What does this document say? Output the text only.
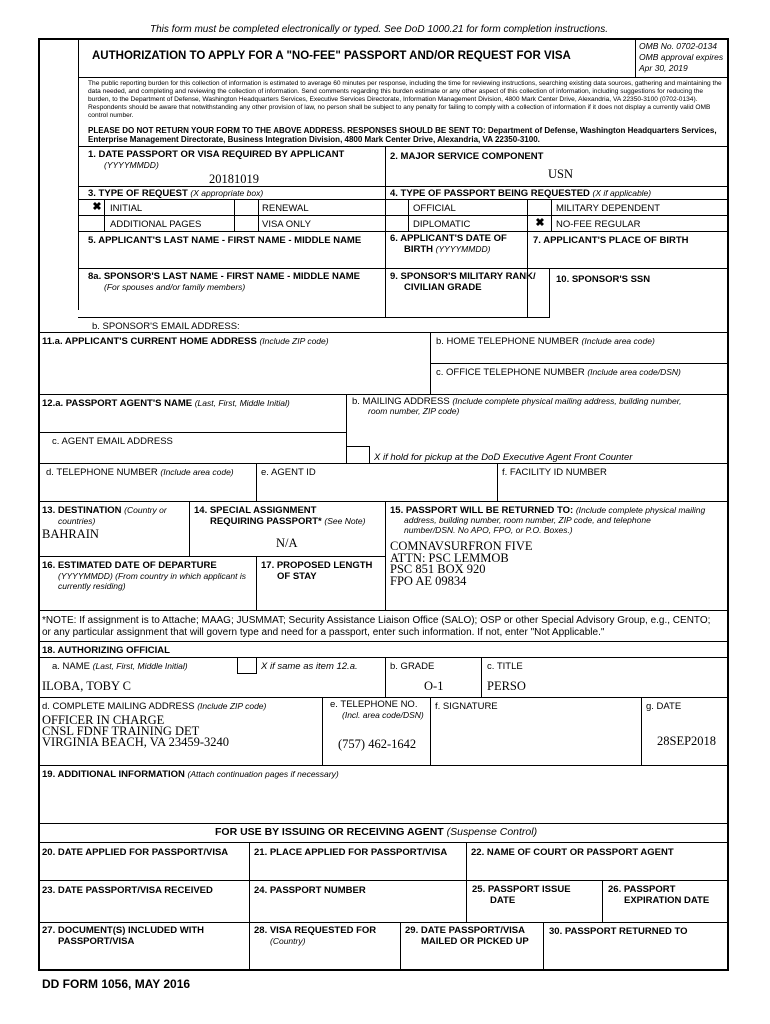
This form must be completed electronically or typed. See DoD 1000.21 for form completion instructions.
AUTHORIZATION TO APPLY FOR A "NO-FEE" PASSPORT AND/OR REQUEST FOR VISA
OMB No. 0702-0134
OMB approval expires
Apr 30, 2019
The public reporting burden for this collection of information is estimated to average 60 minutes per response, including the time for reviewing instructions, searching existing data sources, gathering and maintaining the data needed, and completing and reviewing the collection of information. Send comments regarding this burden estimate or any other aspect of this collection of information, including suggestions for reducing the burden, to the Department of Defense, Washington Headquarters Services, Executive Services Directorate, Information Management Division, 4800 Mark Center Drive, Alexandria, VA 22350-3100 (0702-0134). Respondents should be aware that notwithstanding any other provision of law, no person shall be subject to any penalty for failing to comply with a collection of information if it does not display a currently valid OMB control number.
PLEASE DO NOT RETURN YOUR FORM TO THE ABOVE ADDRESS. RESPONSES SHOULD BE SENT TO: Department of Defense, Washington Headquarters Services, Enterprise Management Directorate, Business Integration Division, 4800 Mark Center Drive, Alexandria, VA 22350-3100.
1. DATE PASSPORT OR VISA REQUIRED BY APPLICANT
(YYYYMMDD)
20181019
2. MAJOR SERVICE COMPONENT
USN
3. TYPE OF REQUEST (X appropriate box)	4. TYPE OF PASSPORT BEING REQUESTED (X if applicable)
✖ INITIAL	RENEWAL
ADDITIONAL PAGES	VISA ONLY
OFFICIAL	MILITARY DEPENDENT
DIPLOMATIC	✖ NO-FEE REGULAR
5. APPLICANT'S LAST NAME - FIRST NAME - MIDDLE NAME	6. APPLICANT'S DATE OF
BIRTH (YYYYMMDD)
7. APPLICANT'S PLACE OF BIRTH
8a. SPONSOR'S LAST NAME - FIRST NAME - MIDDLE NAME
(For spouses and/or family members)
9. SPONSOR'S MILITARY RANK/
CIVILIAN GRADE
10. SPONSOR'S SSN
b. SPONSOR'S EMAIL ADDRESS:
11.a. APPLICANT'S CURRENT HOME ADDRESS (Include ZIP code)	b. HOME TELEPHONE NUMBER (Include area code)
c. OFFICE TELEPHONE NUMBER (Include area code/DSN)
12.a. PASSPORT AGENT'S NAME (Last, First, Middle Initial)	b. MAILING ADDRESS (Include complete physical mailing address, building number,
room number, ZIP code)
c. AGENT EMAIL ADDRESS
X if hold for pickup at the DoD Executive Agent Front Counter
d. TELEPHONE NUMBER (Include area code)	e. AGENT ID	f. FACILITY ID NUMBER
13. DESTINATION (Country or
countries)
BAHRAIN
14. SPECIAL ASSIGNMENT
REQUIRING PASSPORT* (See Note)
N/A
15. PASSPORT WILL BE RETURNED TO: (Include complete physical mailing
address, building number, room number, ZIP code, and telephone
number/DSN. No APO, FPO, or P.O. Boxes.)
COMNAVSURFRON FIVE
ATTN: PSC LEMMOB
PSC 851 BOX 920
FPO AE 09834
16. ESTIMATED DATE OF DEPARTURE
(YYYYMMDD) (From country in which applicant is
currently residing)
17. PROPOSED LENGTH
OF STAY
*NOTE: If assignment is to Attache; MAAG; JUSMMAT; Security Assistance Liaison Office (SALO); OSP or other Special Advisory Group, e.g., CENTO;
or any particular assignment that will govern type and need for a passport, enter such information. If not, enter "Not Applicable."
18. AUTHORIZING OFFICIAL
a. NAME (Last, First, Middle Initial)	X if same as item 12.a.
ILOBA, TOBY C
b. GRADE
O-1
c. TITLE
PERSO
d. COMPLETE MAILING ADDRESS (Include ZIP code)
OFFICER IN CHARGE
CNSL FDNF TRAINING DET
VIRGINIA BEACH, VA 23459-3240
e. TELEPHONE NO.
(Incl. area code/DSN)
(757) 462-1642
f. SIGNATURE	g. DATE
28SEP2018
19. ADDITIONAL INFORMATION (Attach continuation pages if necessary)
FOR USE BY ISSUING OR RECEIVING AGENT (Suspense Control)
20. DATE APPLIED FOR PASSPORT/VISA	21. PLACE APPLIED FOR PASSPORT/VISA	22. NAME OF COURT OR PASSPORT AGENT
23. DATE PASSPORT/VISA RECEIVED	24. PASSPORT NUMBER	25. PASSPORT ISSUE
DATE
26. PASSPORT
EXPIRATION DATE
27. DOCUMENT(S) INCLUDED WITH
PASSPORT/VISA
28. VISA REQUESTED FOR
(Country)
29. DATE PASSPORT/VISA
MAILED OR PICKED UP
30. PASSPORT RETURNED TO
DD FORM 1056, MAY 2016
